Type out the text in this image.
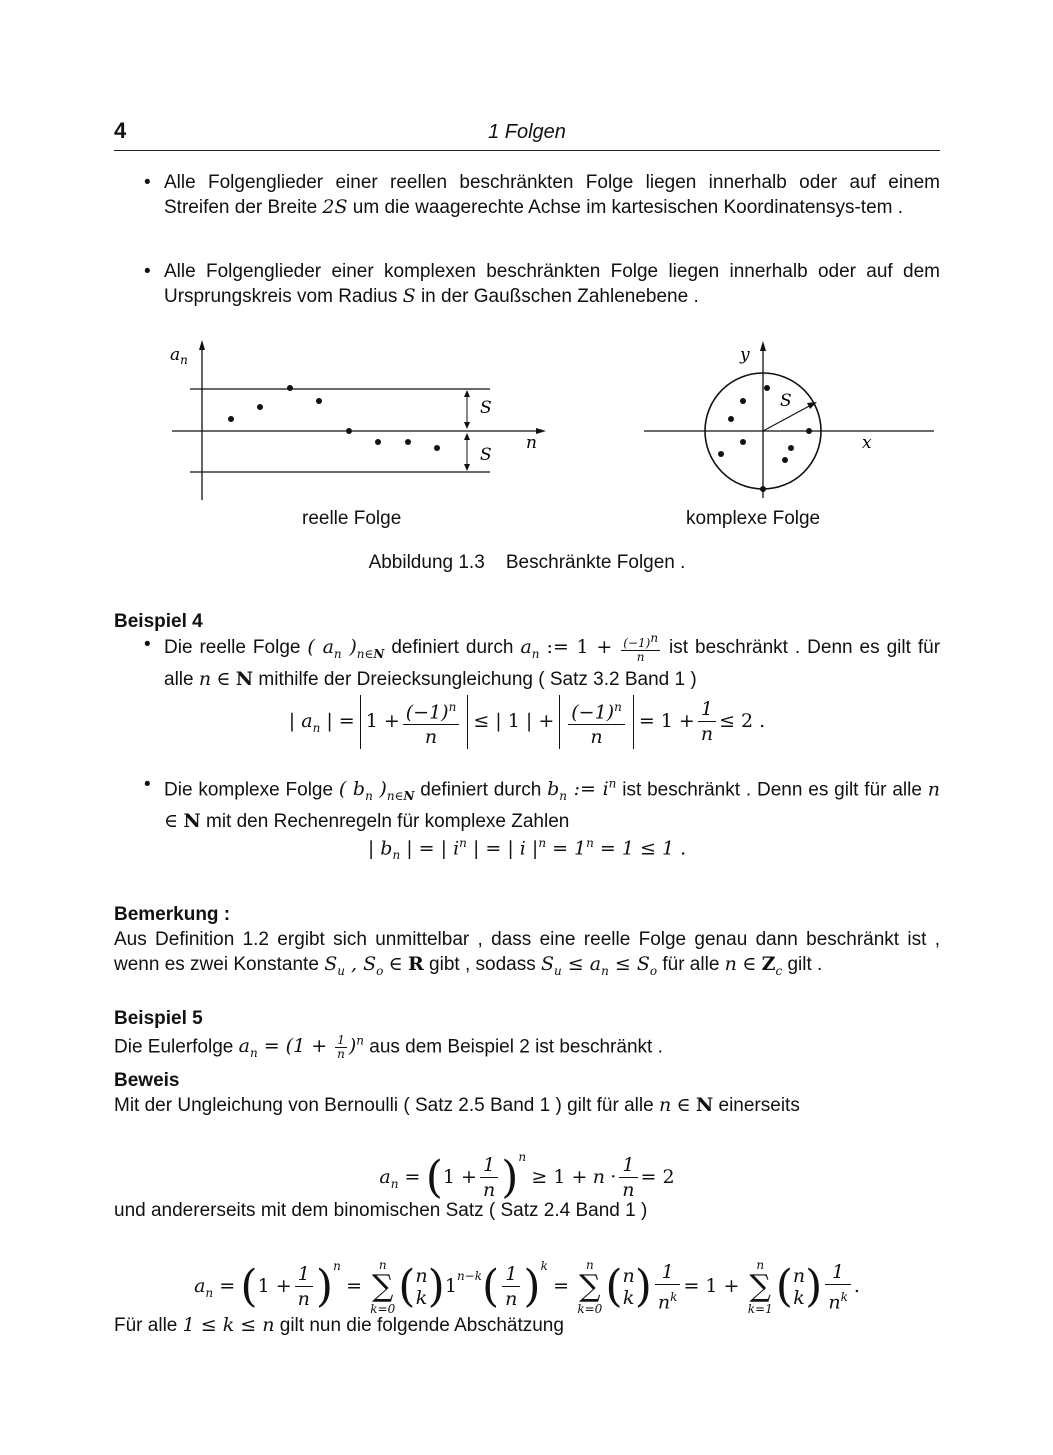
4	1 Folgen
• Alle Folgenglieder einer reellen beschränkten Folge liegen innerhalb oder auf einem Streifen der Breite 2S um die waagerechte Achse im kartesischen Koordinatensys-tem .
• Alle Folgenglieder einer komplexen beschränkten Folge liegen innerhalb oder auf dem Ursprungskreis vom Radius S in der Gaußschen Zahlenebene .
$a_n$
n
S
S
y
x
S
reelle Folge	komplexe Folge
Abbildung 1.3    Beschränkte Folgen .
Beispiel 4
• Die reelle Folge ( $a_n$ )$_{n\in N}$ definiert durch $a_n$ := $1 + \frac{(-1)^n}{n}$ ist beschränkt . Denn es gilt für alle n ∈ N mithilfe der Dreiecksungleichung ( Satz 3.2 Band 1 )
| $a_n$ | = $1 + \frac{(-1)^n}{n}$ ≤ | 1 | + $\frac{(-1)^n}{n} = 1 + \frac{1}{n} \le 2$ .
• Die komplexe Folge ( $b_n$ )$_{n\in N}$ definiert durch $b_n$ := $i^n$ ist beschränkt . Denn es gilt für alle n ∈ N mit den Rechenregeln für komplexe Zahlen
| $b_n$ | = | $i^n$ | = | i $|^n = 1^n = 1 \le 1$ .
Bemerkung :
Aus Definition 1.2 ergibt sich unmittelbar , dass eine reelle Folge genau dann beschränkt ist , wenn es zwei Konstante $S_u$ , $S_o$ ∈ R gibt , sodass $S_u \le a_n \le S_o$ für alle n ∈ $Z_c$ gilt .
Beispiel 5
Die Eulerfolge $a_n = (1 + \frac{1}{n} )^n$ aus dem Beispiel 2 ist beschränkt .
Beweis
Mit der Ungleichung von Bernoulli ( Satz 2.5 Band 1 ) gilt für alle n ∈ N einerseits
$a_n = (1 + \frac{1}{n} )^n \ge 1 + n \cdot \frac{1}{n} = 2$
und andererseits mit dem binomischen Satz ( Satz 2.4 Band 1 )
$a_n = (1 + \frac{1}{n} )^n$ =
n
∑
k=0 (n
$k)1^{n-k}( \frac{1}{n} )^k$ =
n
∑
k=0 (n
$k) \frac{1}{n^k} = 1$ +
n
∑
k=1 (n
$k) \frac{1}{n^k}$ .
Für alle 1 ≤ k ≤ n gilt nun die folgende Abschätzung
